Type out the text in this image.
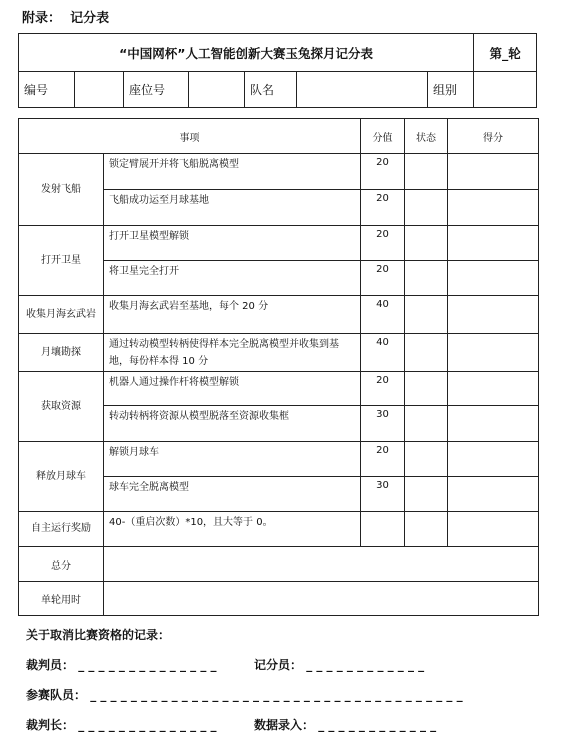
附录： 记分表
“中国网杯”人工智能创新大赛玉兔探月记分表							第_轮
编号		座位号		队名		组别	
事项		分值	状态	得分
发射飞船	锁定臂展开并将飞船脱离模型	20		
	飞船成功运至月球基地	20		
打开卫星	打开卫星模型解锁	20		
	将卫星完全打开	20		
收集月海玄武岩	收集月海玄武岩至基地，每个 20 分	40		
月壤勘探	通过转动模型转柄使得样本完全脱离模型并收集到基地，每份样本得 10 分	40		
获取资源	机器人通过操作杆将模型解锁	20		
	转动转柄将资源从模型脱落至资源收集框	30		
释放月球车	解锁月球车	20		
	球车完全脱离模型	30		
自主运行奖励	40-（重启次数）*10，且大等于 0。			
总分				
单轮用时				
关于取消比赛资格的记录：
裁判员： _ _ _ _ _ _ _ _ _ _ _ _ _ _	记分员： _ _ _ _ _ _ _ _ _ _ _ _
参赛队员： _ _ _ _ _ _ _ _ _ _ _ _ _ _ _ _ _ _ _ _ _ _ _ _ _ _ _ _ _ _ _ _ _ _ _ _ _
裁判长： _ _ _ _ _ _ _ _ _ _ _ _ _ _	数据录入： _ _ _ _ _ _ _ _ _ _ _ _
